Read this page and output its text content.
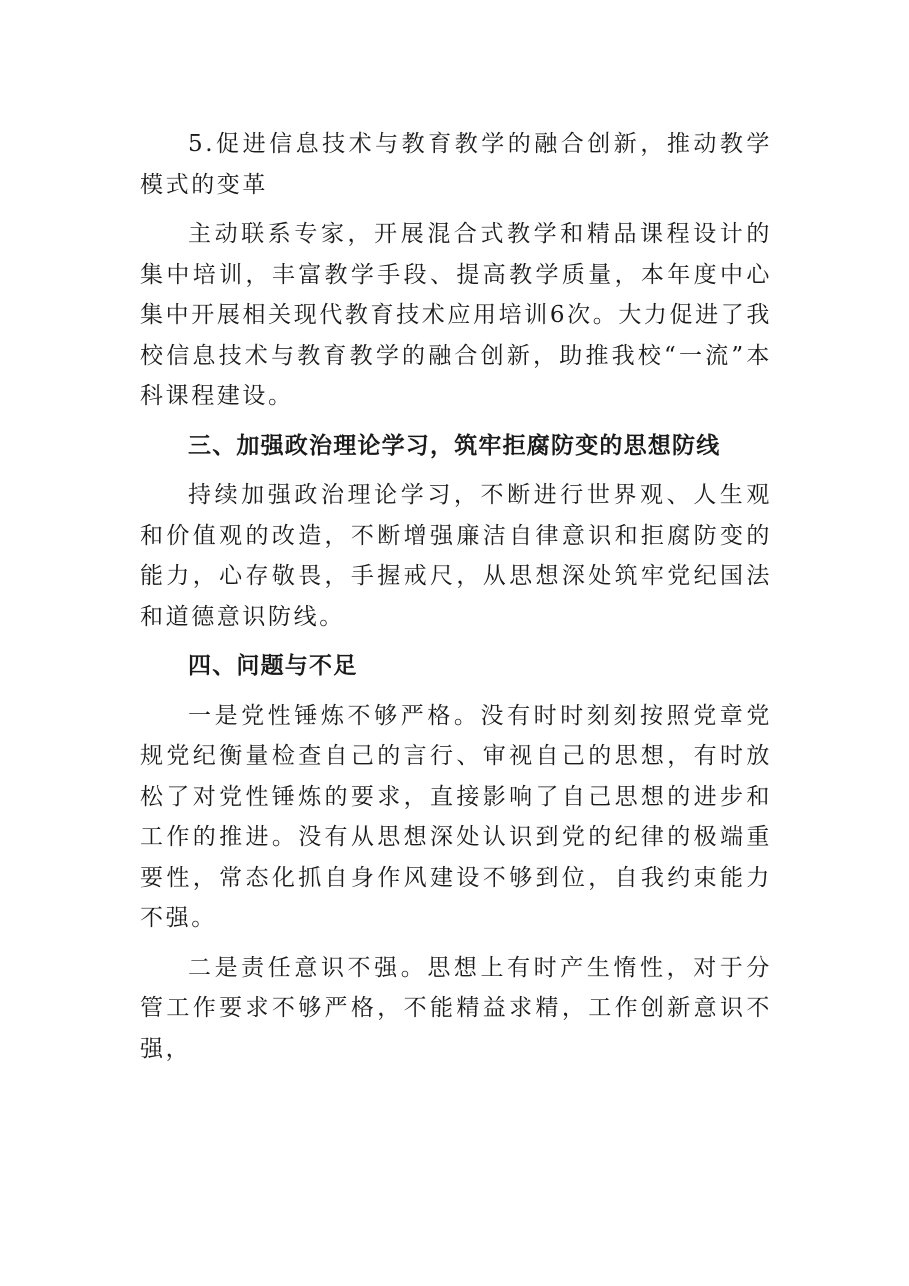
5.促进信息技术与教育教学的融合创新，推动教学模式的变革

主动联系专家，开展混合式教学和精品课程设计的集中培训，丰富教学手段、提高教学质量，本年度中心集中开展相关现代教育技术应用培训6次。大力促进了我校信息技术与教育教学的融合创新，助推我校“一流”本科课程建设。

三、加强政治理论学习，筑牢拒腐防变的思想防线

持续加强政治理论学习，不断进行世界观、人生观和价值观的改造，不断增强廉洁自律意识和拒腐防变的能力，心存敬畏，手握戒尺，从思想深处筑牢党纪国法和道德意识防线。

四、问题与不足

一是党性锤炼不够严格。没有时时刻刻按照党章党规党纪衡量检查自己的言行、审视自己的思想，有时放松了对党性锤炼的要求，直接影响了自己思想的进步和工作的推进。没有从思想深处认识到党的纪律的极端重要性，常态化抓自身作风建设不够到位，自我约束能力不强。

二是责任意识不强。思想上有时产生惰性，对于分管工作要求不够严格，不能精益求精，工作创新意识不强，
